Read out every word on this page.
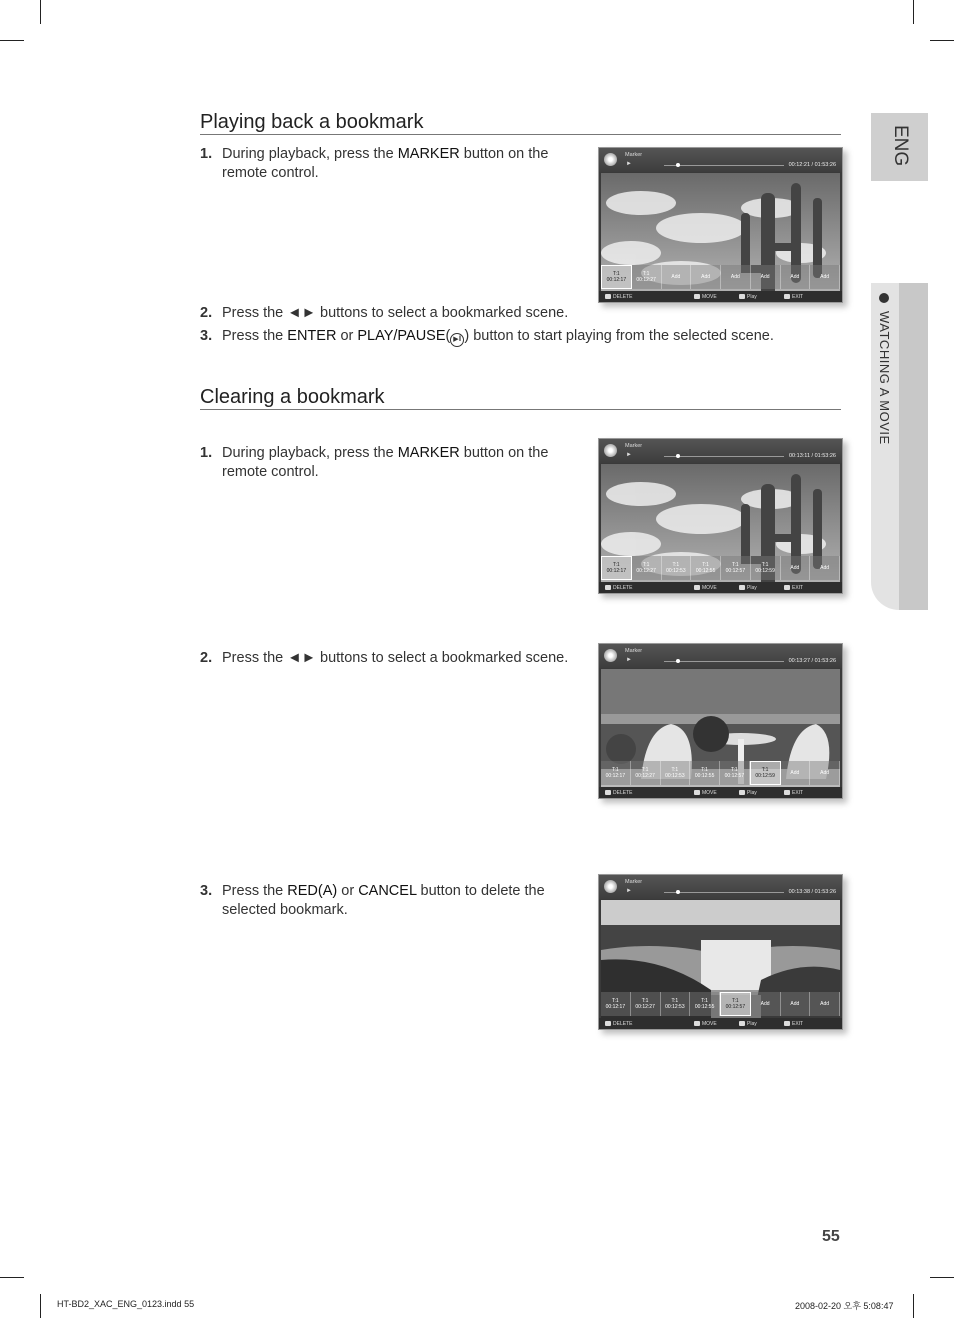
ENG
WATCHING A MOVIE
Playing back a bookmark
1. During playback, press the MARKER button on the
remote control.
2. Press the ◄► buttons to select a bookmarked scene.
3. Press the ENTER or PLAY/PAUSE( ▶‖ ) button to start playing from the selected scene.
Clearing a bookmark
1. During playback, press the MARKER button on the
remote control.
2. Press the ◄► buttons to select a bookmarked scene.
3. Press the RED(A) or CANCEL button to delete the
selected bookmark.
Marker
►	00:12:21 / 01:53:26
T:1
00:12:17
T:1
00:12:27	Add	Add	Add	Add	Add	Add
DELETE	MOVE	Play	EXIT
Marker
►	00:13:11 / 01:53:26
T:1
00:12:17
T:1
00:12:27
T:1
00:12:53
T:1
00:12:55
T:1
00:12:57
T:1
00:12:59	Add	Add
DELETE	MOVE	Play	EXIT
Marker
►	00:13:27 / 01:53:26
T:1
00:12:17
T:1
00:12:27
T:1
00:12:53
T:1
00:12:55
T:1
00:12:57
T:1
00:12:59	Add	Add
DELETE	MOVE	Play	EXIT
Marker
►	00:13:38 / 01:53:26
T:1
00:12:17
T:1
00:12:27
T:1
00:12:53
T:1
00:12:55
T:1
00:12:57	Add	Add	Add
DELETE	MOVE	Play	EXIT
55
HT-BD2_XAC_ENG_0123.indd 55	2008-02-20 오후 5:08:47
